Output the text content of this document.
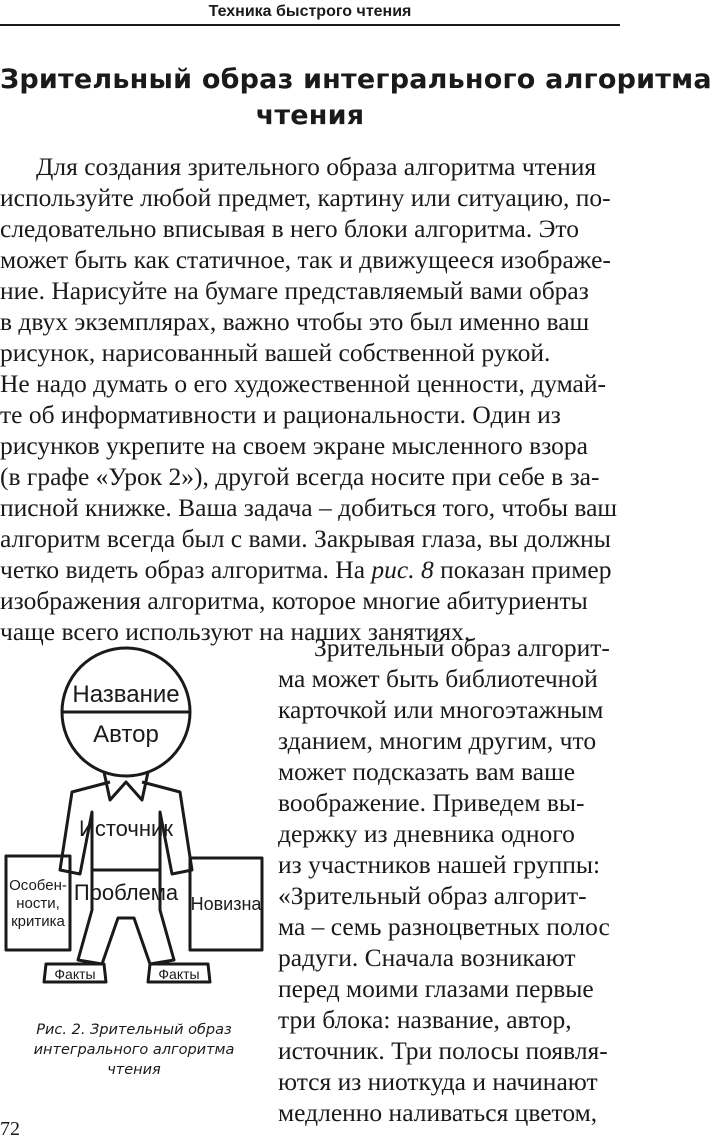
Техника быстрого чтения
Зрительный образ интегрального алгоритма
чтения
Для создания зрительного образа алгоритма чтения
используйте любой предмет, картину или ситуацию, по-
следовательно вписывая в него блоки алгоритма. Это
может быть как статичное, так и движущееся изображе-
ние. Нарисуйте на бумаге представляемый вами образ
в двух экземплярах, важно чтобы это был именно ваш
рисунок, нарисованный вашей собственной рукой.
Не надо думать о его художественной ценности, думай-
те об информативности и рациональности. Один из
рисунков укрепите на своем экране мысленного взора
(в графе «Урок 2»), другой всегда носите при себе в за-
писной книжке. Ваша задача – добиться того, чтобы ваш
алгоритм всегда был с вами. Закрывая глаза, вы должны
четко видеть образ алгоритма. На рис. 8 показан пример
изображения алгоритма, которое многие абитуриенты
чаще всего используют на наших занятиях.
Зрительный образ алгорит-
ма может быть библиотечной
карточкой или многоэтажным
зданием, многим другим, что
может подсказать вам ваше
воображение. Приведем вы-
держку из дневника одного
из участников нашей группы:
«Зрительный образ алгорит-
ма – семь разноцветных полос
радуги. Сначала возникают
перед моими глазами первые
три блока: название, автор,
источник. Три полосы появля-
ются из ниоткуда и начинают
медленно наливаться цветом,
Название
Автор
Источник
Проблема
Особен-
ности,
критика
Новизна
Факты	Факты
Рис. 2. Зрительный образ
интегрального алгоритма
чтения
72
